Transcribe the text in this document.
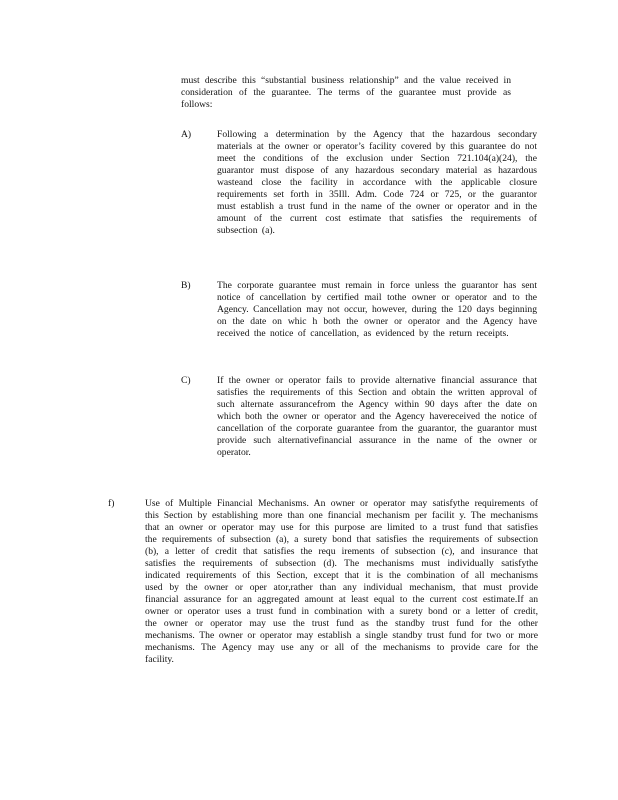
must describe this “substantial business relationship” and the value received in consideration of the guarantee. The terms of the guarantee must provide as follows:
A)	Following a determination by the Agency that the hazardous secondary materials at the owner or operator’s facility covered by this guarantee do not meet the conditions of the exclusion under Section 721.104(a)(24), the guarantor must dispose of any hazardous secondary material as hazardous wasteand close the facility in accordance with the applicable closure requirements set forth in 35Ill. Adm. Code 724 or 725, or the guarantor must establish a trust fund in the name of the owner or operator and in the amount of the current cost estimate that satisfies the requirements of subsection (a).
B)	The corporate guarantee must remain in force unless the guarantor has sent notice of cancellation by certified mail tothe owner or operator and to the Agency. Cancellation may not occur, however, during the 120 days beginning on the date on whic h both the owner or operator and the Agency have received the notice of cancellation, as evidenced by the return receipts.
C)	If the owner or operator fails to provide alternative financial assurance that satisfies the requirements of this Section and obtain the written approval of such alternate assurancefrom the Agency within 90 days after the date on which both the owner or operator and the Agency havereceived the notice of cancellation of the corporate guarantee from the guarantor, the guarantor must provide such alternativefinancial assurance in the name of the owner or operator.
f)	Use of Multiple Financial Mechanisms. An owner or operator may satisfythe requirements of this Section by establishing more than one financial mechanism per facilit y. The mechanisms that an owner or operator may use for this purpose are limited to a trust fund that satisfies the requirements of subsection (a), a surety bond that satisfies the requirements of subsection (b), a letter of credit that satisfies the requ irements of subsection (c), and insurance that satisfies the requirements of subsection (d). The mechanisms must individually satisfythe indicated requirements of this Section, except that it is the combination of all mechanisms used by the owner or oper ator,rather than any individual mechanism, that must provide financial assurance for an aggregated amount at least equal to the current cost estimate.If an owner or operator uses a trust fund in combination with a surety bond or a letter of credit, the owner or operator may use the trust fund as the standby trust fund for the other mechanisms. The owner or operator may establish a single standby trust fund for two or more mechanisms. The Agency may use any or all of the mechanisms to provide care for the facility.
